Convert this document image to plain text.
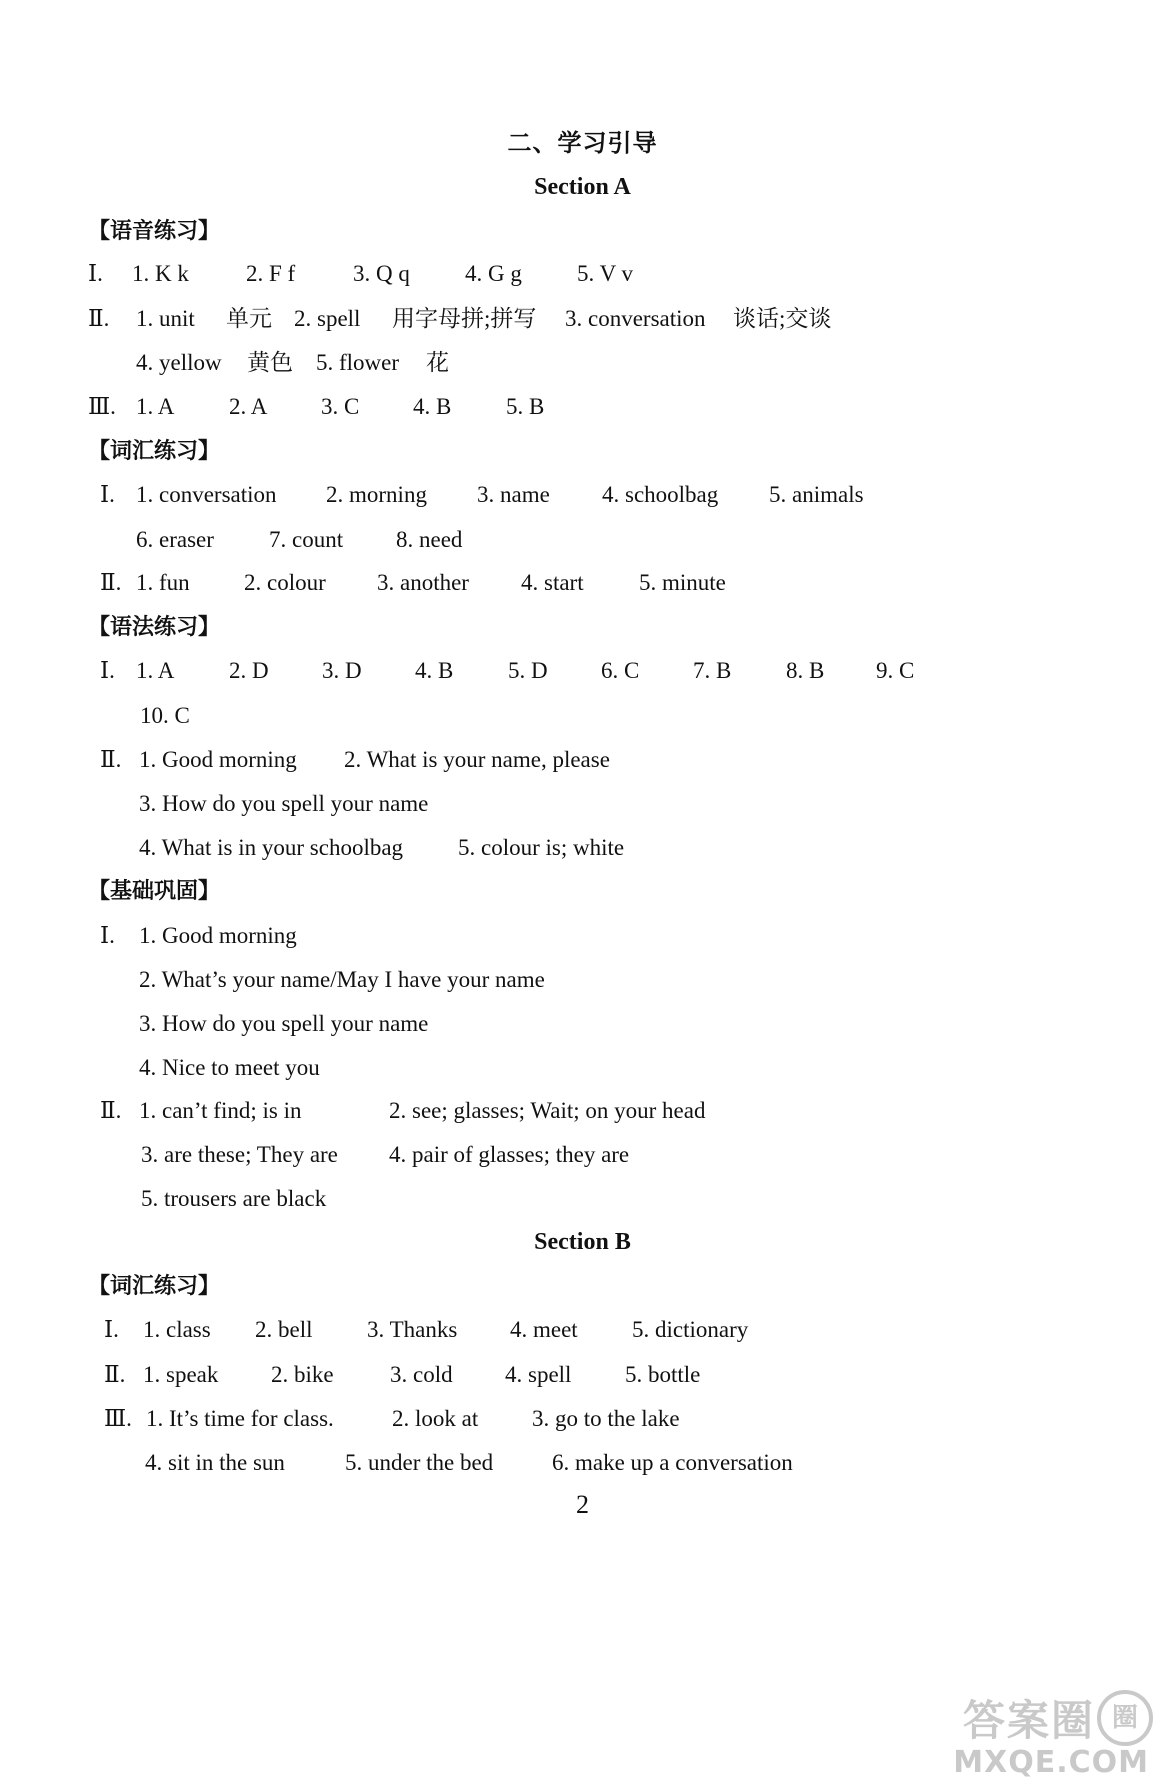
二、学习引导
Section A
【语音练习】
Ⅰ. 1. K k 2. F f	3. Q q 4. G g 5. V v
Ⅱ. 1. unit 单元 2. spell 用字母拼;拼写 3. conversation 谈话;交谈
4. yellow 黄色 5. flower 花
Ⅲ. 1. A 2. A 3. C 4. B 5. B
【词汇练习】
Ⅰ. 1. conversation 2. morning 3. name 4. schoolbag 5. animals
6. eraser 7. count 8. need
Ⅱ. 1. fun 2. colour 3. another 4. start 5. minute
【语法练习】
Ⅰ. 1. A 2. D 3. D 4. B 5. D 6. C 7. B 8. B 9. C
10. C
Ⅱ. 1. Good morning 2. What is your name, please
3. How do you spell your name
4. What is in your schoolbag 5. colour is; white
【基础巩固】
Ⅰ. 1. Good morning
2. What’s your name/May I have your name
3. How do you spell your name
4. Nice to meet you
Ⅱ. 1. can’t find; is in	2. see; glasses; Wait; on your head
3. are these; They are 4. pair of glasses; they are
5. trousers are black
Section B
【词汇练习】
Ⅰ. 1. class 2. bell 3. Thanks 4. meet 5. dictionary
Ⅱ. 1. speak 2. bike 3. cold 4. spell 5. bottle
Ⅲ. 1. It’s time for class.	2. look at 3. go to the lake
4. sit in the sun	5. under the bed	6. make up a conversation
2
答案圈 圈
MXQE.COM
